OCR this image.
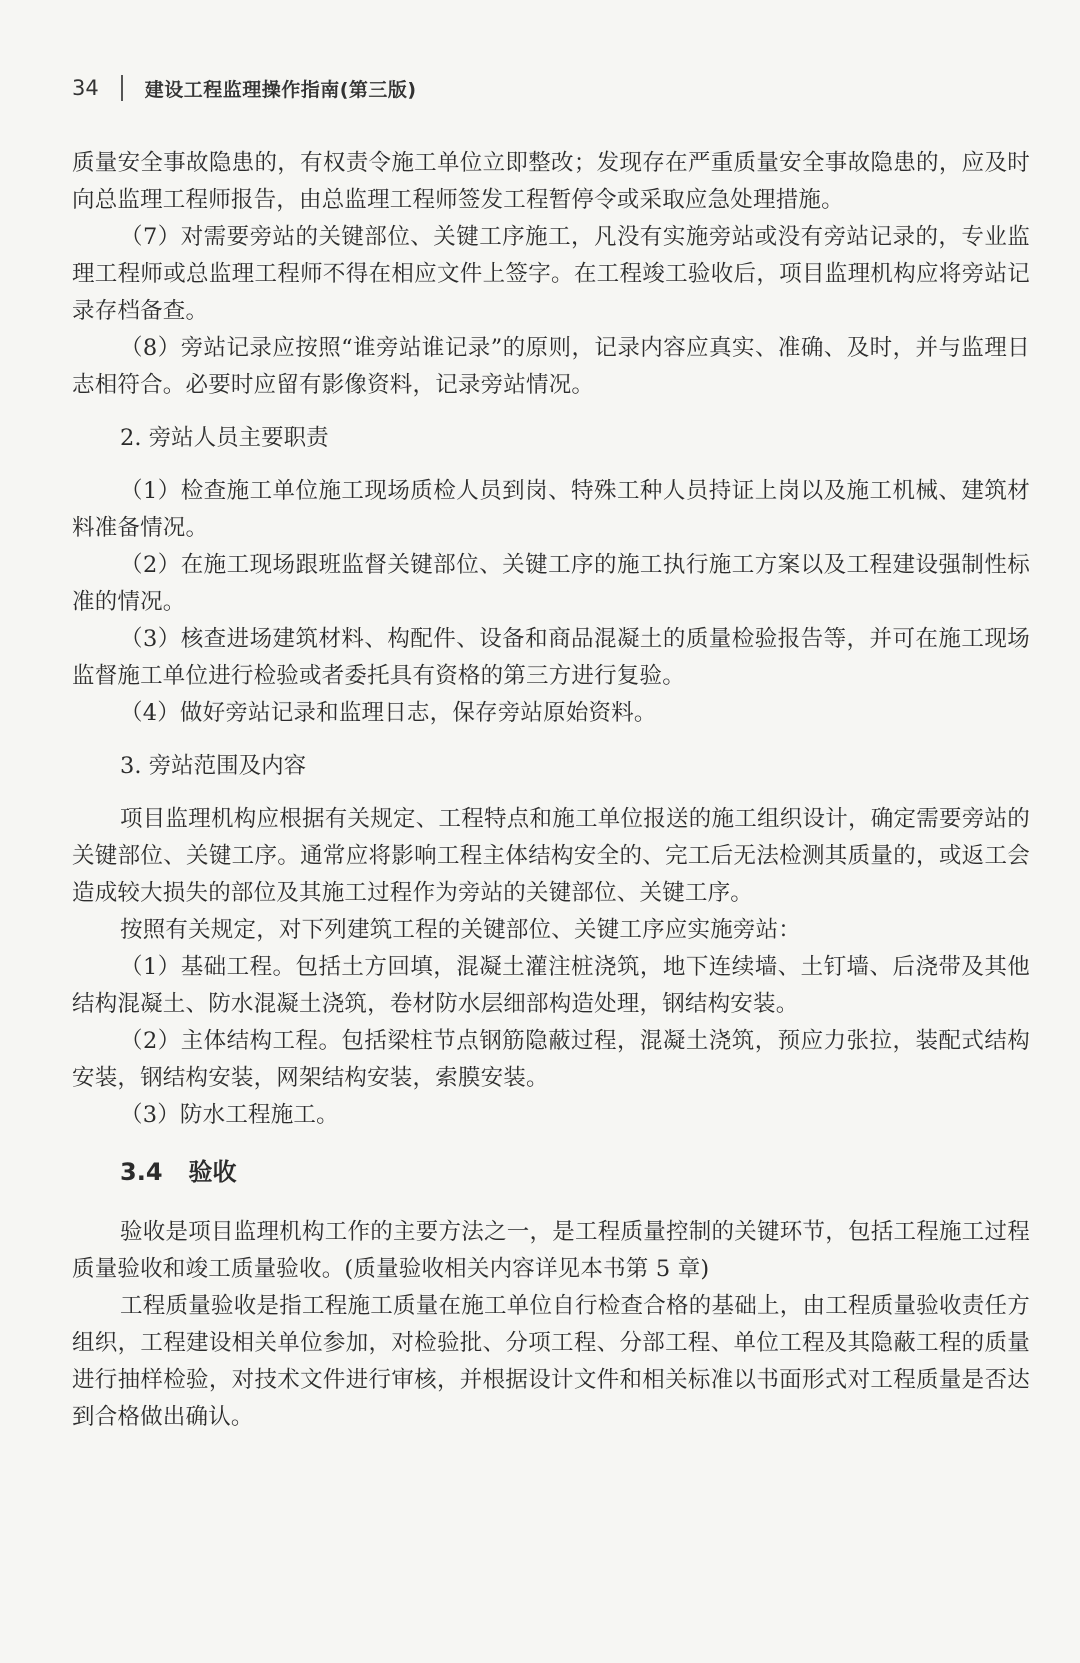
34 建设工程监理操作指南(第三版)

质量安全事故隐患的，有权责令施工单位立即整改；发现存在严重质量安全事故隐患的，应及时向总监理工程师报告，由总监理工程师签发工程暂停令或采取应急处理措施。

（7）对需要旁站的关键部位、关键工序施工，凡没有实施旁站或没有旁站记录的，专业监理工程师或总监理工程师不得在相应文件上签字。在工程竣工验收后，项目监理机构应将旁站记录存档备查。

（8）旁站记录应按照“谁旁站谁记录”的原则，记录内容应真实、准确、及时，并与监理日志相符合。必要时应留有影像资料，记录旁站情况。

2. 旁站人员主要职责

（1）检查施工单位施工现场质检人员到岗、特殊工种人员持证上岗以及施工机械、建筑材料准备情况。

（2）在施工现场跟班监督关键部位、关键工序的施工执行施工方案以及工程建设强制性标准的情况。

（3）核查进场建筑材料、构配件、设备和商品混凝土的质量检验报告等，并可在施工现场监督施工单位进行检验或者委托具有资格的第三方进行复验。

（4）做好旁站记录和监理日志，保存旁站原始资料。

3. 旁站范围及内容

项目监理机构应根据有关规定、工程特点和施工单位报送的施工组织设计，确定需要旁站的关键部位、关键工序。通常应将影响工程主体结构安全的、完工后无法检测其质量的，或返工会造成较大损失的部位及其施工过程作为旁站的关键部位、关键工序。

按照有关规定，对下列建筑工程的关键部位、关键工序应实施旁站：

（1）基础工程。包括土方回填，混凝土灌注桩浇筑，地下连续墙、土钉墙、后浇带及其他结构混凝土、防水混凝土浇筑，卷材防水层细部构造处理，钢结构安装。

（2）主体结构工程。包括梁柱节点钢筋隐蔽过程，混凝土浇筑，预应力张拉，装配式结构安装，钢结构安装，网架结构安装，索膜安装。

（3）防水工程施工。

3.4 验收

验收是项目监理机构工作的主要方法之一，是工程质量控制的关键环节，包括工程施工过程质量验收和竣工质量验收。(质量验收相关内容详见本书第 5 章)

工程质量验收是指工程施工质量在施工单位自行检查合格的基础上，由工程质量验收责任方组织，工程建设相关单位参加，对检验批、分项工程、分部工程、单位工程及其隐蔽工程的质量进行抽样检验，对技术文件进行审核，并根据设计文件和相关标准以书面形式对工程质量是否达到合格做出确认。
